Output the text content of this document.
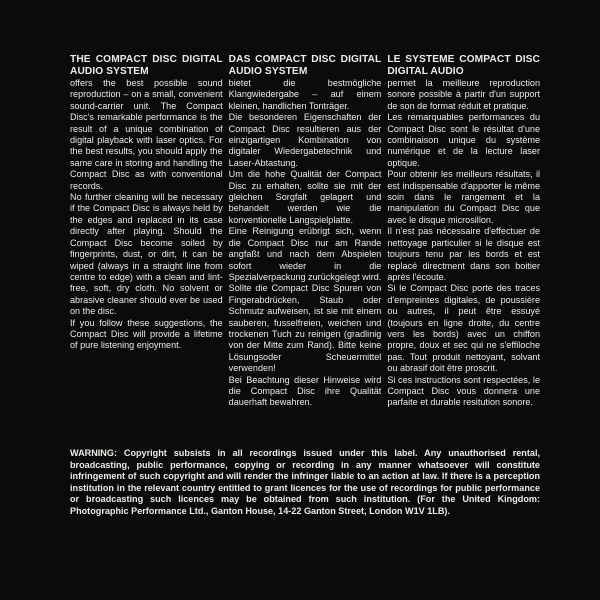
THE COMPACT DISC DIGITAL AUDIO SYSTEM

offers the best possible sound reproduction – on a small, convenient sound-carrier unit. The Compact Disc's remarkable performance is the result of a unique combination of digital playback with laser optics. For the best results, you should apply the same care in storing and handling the Compact Disc as with conventional records.

No further cleaning will be necessary if the Compact Disc is always held by the edges and replaced in its case directly after playing. Should the Compact Disc become soiled by fingerprints, dust, or dirt, it can be wiped (always in a straight line from centre to edge) with a clean and lint-free, soft, dry cloth. No solvent or abrasive cleaner should ever be used on the disc.

If you follow these suggestions, the Compact Disc will provide a lifetime of pure listening enjoyment.

DAS COMPACT DISC DIGITAL AUDIO SYSTEM

bietet die bestmögliche Klangwiedergabe – auf einem kleinen, handlichen Tonträger.

Die besonderen Eigenschaften der Compact Disc resultieren aus der einzigartigen Kombination von digitaler Wiedergabetechnik und Laser-Abtastung.

Um die hohe Qualität der Compact Disc zu erhalten, sollte sie mit der gleichen Sorgfalt gelagert und behandelt werden wie die konventionelle Langspielplatte.

Eine Reinigung erübrigt sich, wenn die Compact Disc nur am Rande angfaßt und nach dem Abspielen sofort wieder in die Spezialverpackung zurückgelegt wird.

Sollte die Compact Disc Spuren von Fingerabdrücken, Staub oder Schmutz aufweisen, ist sie mit einem sauberen, fusselfreien, weichen und trockenen Tuch zu reinigen (gradlinig von der Mitte zum Rand). Bitte keine Lösungsoder Scheuermittel verwenden!

Bei Beachtung dieser Hinweise wird die Compact Disc ihre Qualität dauerhaft bewahren.

LE SYSTEME COMPACT DISC DIGITAL AUDIO

permet la meilleure reproduction sonore possible à partir d'un support de son de format réduit et pratique.

Les remarquables performances du Compact Disc sont le résultat d'une combinaison unique du système numérique et de la lecture laser optique.

Pour obtenir les meilleurs résultats, il est indispensable d'apporter le même soin dans le rangement et la manipulation du Compact Disc que avec le disque microsillon.

Il n'est pas nécessaire d'effectuer de nettoyage particulier si le disque est toujours tenu par les bords et est replacé directment dans son boitier après l'écoute.

Si le Compact Disc porte des traces d'empreintes digitales, de poussière ou autres, il peut être essuyé (toujours en ligne droite, du centre vers les bords) avec un chiffon propre, doux et sec qui ne s'effiloche pas. Tout produit nettoyant, solvant ou abrasif doit être proscrit.

Si ces instructions sont respectées, le Compact Disc vous donnera une parfaite et durable resitution sonore.

WARNING: Copyright subsists in all recordings issued under this label. Any unauthorised rental, broadcasting, public performance, copying or recording in any manner whatsoever will constitute infringement of such copyright and will render the infringer liable to an action at law. If there is a perception institution in the relevant country entitled to grant licences for the use of recordings for public performance or broadcasting such licences may be obtained from such institution. (For the United Kingdom: Photographic Performance Ltd., Ganton House, 14-22 Ganton Street, London W1V 1LB).
